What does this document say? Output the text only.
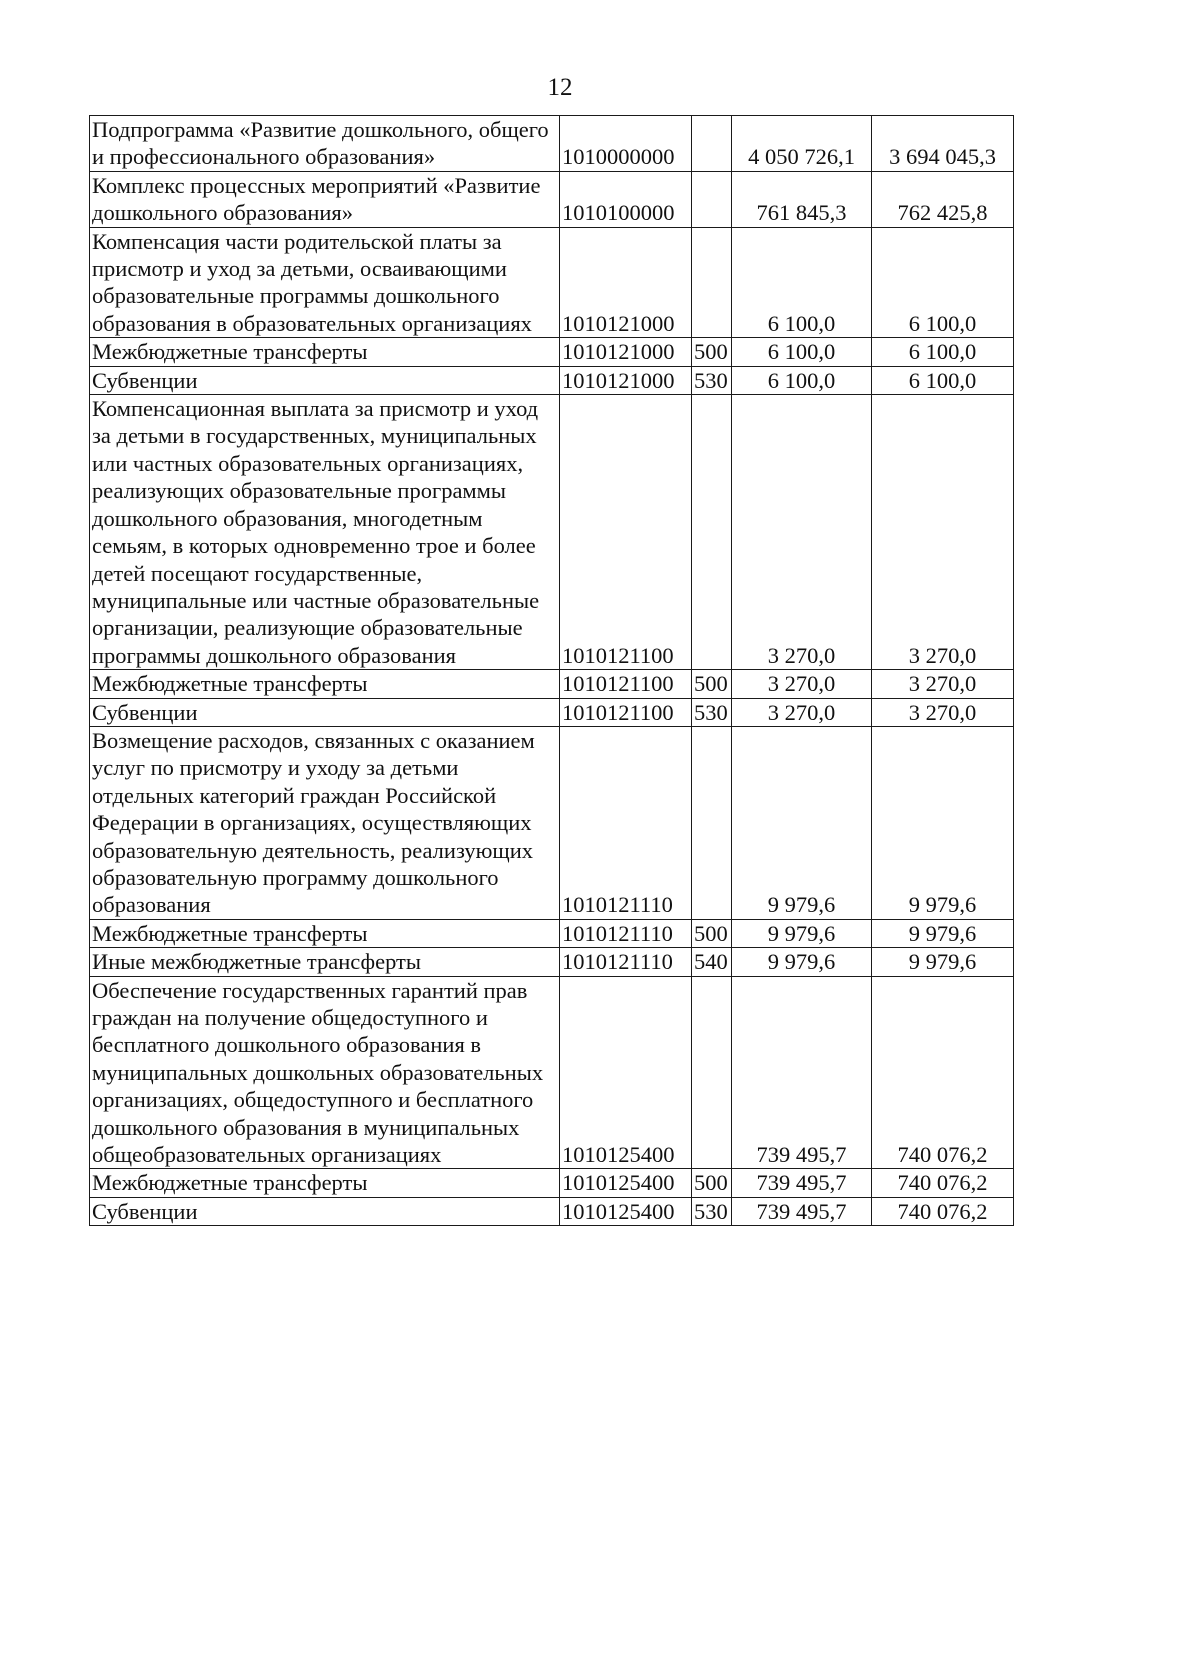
12
Подпрограмма «Развитие дошкольного, общего и профессионального образования»	1010000000		4 050 726,1	3 694 045,3
Комплекс процессных мероприятий «Развитие дошкольного образования»	1010100000		761 845,3	762 425,8
Компенсация части родительской платы за присмотр и уход за детьми, осваивающими образовательные программы дошкольного образования в образовательных организациях	1010121000		6 100,0	6 100,0
Межбюджетные трансферты	1010121000	500	6 100,0	6 100,0
Субвенции	1010121000	530	6 100,0	6 100,0
Компенсационная выплата за присмотр и уход за детьми в государственных, муниципальных или частных образовательных организациях, реализующих образовательные программы дошкольного образования, многодетным семьям, в которых одновременно трое и более детей посещают государственные, муниципальные или частные образовательные организации, реализующие образовательные программы дошкольного образования	1010121100		3 270,0	3 270,0
Межбюджетные трансферты	1010121100	500	3 270,0	3 270,0
Субвенции	1010121100	530	3 270,0	3 270,0
Возмещение расходов, связанных с оказанием услуг по присмотру и уходу за детьми отдельных категорий граждан Российской Федерации в организациях, осуществляющих образовательную деятельность, реализующих образовательную программу дошкольного образования	1010121110		9 979,6	9 979,6
Межбюджетные трансферты	1010121110	500	9 979,6	9 979,6
Иные межбюджетные трансферты	1010121110	540	9 979,6	9 979,6
Обеспечение государственных гарантий прав граждан на получение общедоступного и бесплатного дошкольного образования в муниципальных дошкольных образовательных организациях, общедоступного и бесплатного дошкольного образования в муниципальных общеобразовательных организациях	1010125400		739 495,7	740 076,2
Межбюджетные трансферты	1010125400	500	739 495,7	740 076,2
Субвенции	1010125400	530	739 495,7	740 076,2
